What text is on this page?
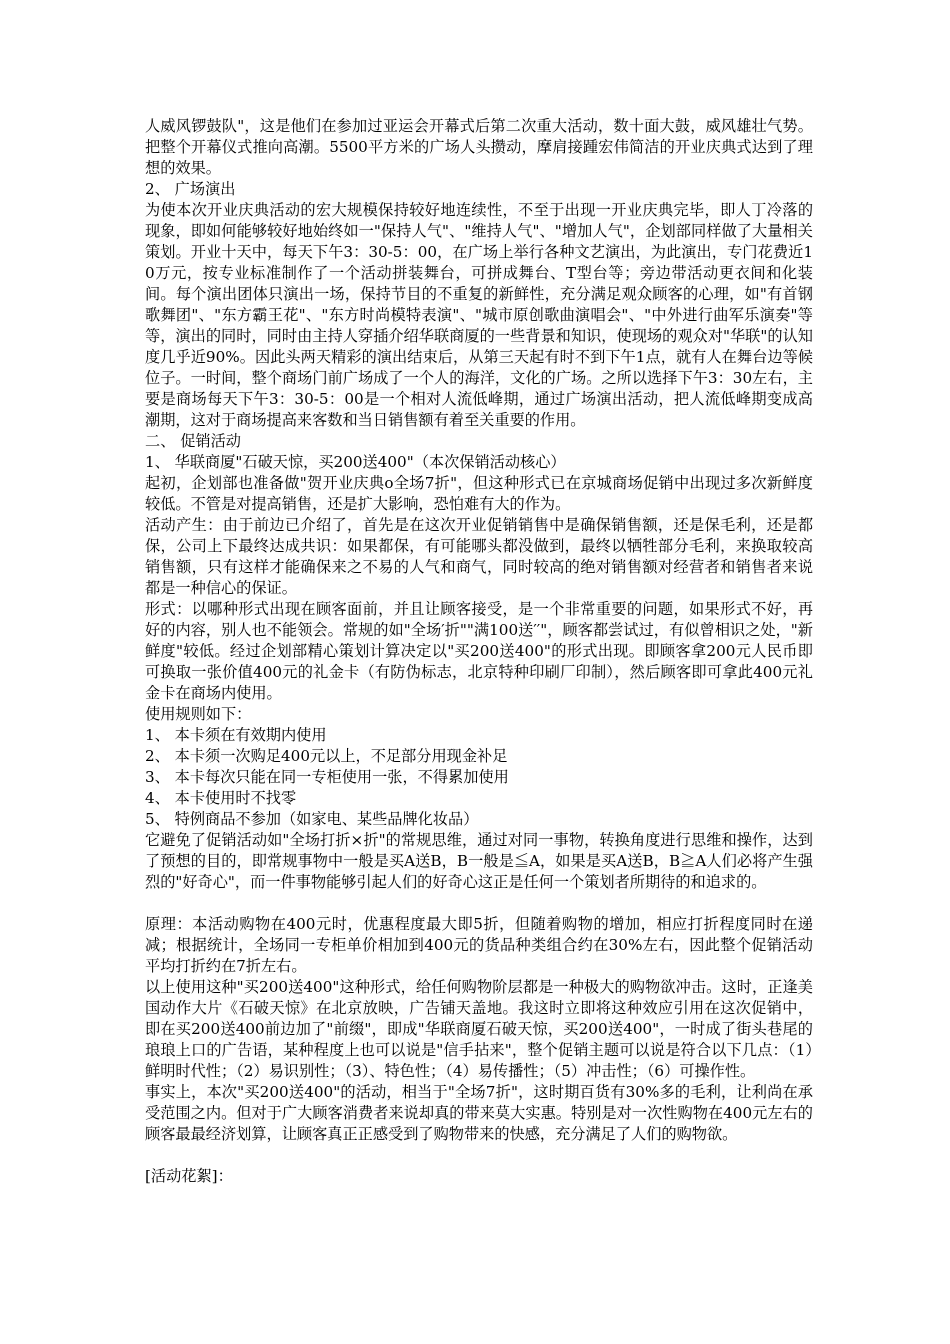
人威风锣鼓队"，这是他们在参加过亚运会开幕式后第二次重大活动，数十面大鼓，威风雄壮气势。把整个开幕仪式推向高潮。5500平方米的广场人头攒动，摩肩接踵宏伟简洁的开业庆典式达到了理想的效果。

2、 广场演出

为使本次开业庆典活动的宏大规模保持较好地连续性，不至于出现一开业庆典完毕，即人丁冷落的现象，即如何能够较好地始终如一"保持人气"、"维持人气"、"增加人气"，企划部同样做了大量相关策划。开业十天中，每天下午3：30-5：00，在广场上举行各种文艺演出，为此演出，专门花费近10万元，按专业标准制作了一个活动拼装舞台，可拼成舞台、T型台等；旁边带活动更衣间和化装间。每个演出团体只演出一场，保持节目的不重复的新鲜性，充分满足观众顾客的心理，如"有首钢歌舞团"、"东方霸王花"、"东方时尚模特表演"、"城市原创歌曲演唱会"、"中外进行曲军乐演奏"等等，演出的同时，同时由主持人穿插介绍华联商厦的一些背景和知识，使现场的观众对"华联"的认知度几乎近90%。因此头两天精彩的演出结束后，从第三天起有时不到下午1点，就有人在舞台边等候位子。一时间，整个商场门前广场成了一个人的海洋，文化的广场。之所以选择下午3：30左右，主要是商场每天下午3：30-5：00是一个相对人流低峰期，通过广场演出活动，把人流低峰期变成高潮期，这对于商场提高来客数和当日销售额有着至关重要的作用。

二、 促销活动

1、 华联商厦"石破天惊，买200送400"（本次保销活动核心）

起初，企划部也准备做"贺开业庆典o全场7折"，但这种形式已在京城商场促销中出现过多次新鲜度较低。不管是对提高销售，还是扩大影响，恐怕难有大的作为。

活动产生：由于前边已介绍了，首先是在这次开业促销销售中是确保销售额，还是保毛利，还是都保，公司上下最终达成共识：如果都保，有可能哪头都没做到，最终以牺牲部分毛利，来换取较高销售额，只有这样才能确保来之不易的人气和商气，同时较高的绝对销售额对经营者和销售者来说都是一种信心的保证。

形式：以哪种形式出现在顾客面前，并且让顾客接受，是一个非常重要的问题，如果形式不好，再好的内容，别人也不能领会。常规的如"全场′折""满100送′′"，顾客都尝试过，有似曾相识之处，"新鲜度"较低。经过企划部精心策划计算决定以"买200送400"的形式出现。即顾客拿200元人民币即可换取一张价值400元的礼金卡（有防伪标志，北京特种印刷厂印制），然后顾客即可拿此400元礼金卡在商场内使用。

使用规则如下：

1、 本卡须在有效期内使用

2、 本卡须一次购足400元以上，不足部分用现金补足

3、 本卡每次只能在同一专柜使用一张，不得累加使用

4、 本卡使用时不找零

5、 特例商品不参加（如家电、某些品牌化妆品）

它避免了促销活动如"全场打折×折"的常规思维，通过对同一事物，转换角度进行思维和操作，达到了预想的目的，即常规事物中一般是买A送B，B一般是≦A，如果是买A送B，B≧A人们必将产生强烈的"好奇心"，而一件事物能够引起人们的好奇心这正是任何一个策划者所期待的和追求的。

原理：本活动购物在400元时，优惠程度最大即5折，但随着购物的增加，相应打折程度同时在递减；根据统计，全场同一专柜单价相加到400元的货品种类组合约在30%左右，因此整个促销活动平均打折约在7折左右。

以上使用这种"买200送400"这种形式，给任何购物阶层都是一种极大的购物欲冲击。这时，正逢美国动作大片《石破天惊》在北京放映，广告铺天盖地。我这时立即将这种效应引用在这次促销中，即在买200送400前边加了"前缀"，即成"华联商厦石破天惊，买200送400"，一时成了街头巷尾的琅琅上口的广告语，某种程度上也可以说是"信手拈来"，整个促销主题可以说是符合以下几点：（1）鲜明时代性；（2）易识别性；（3）、特色性；（4）易传播性；（5）冲击性；（6）可操作性。

事实上，本次"买200送400"的活动，相当于"全场7折"，这时期百货有30%多的毛利，让利尚在承受范围之内。但对于广大顾客消费者来说却真的带来莫大实惠。特别是对一次性购物在400元左右的顾客最最经济划算，让顾客真正正感受到了购物带来的快感，充分满足了人们的购物欲。

[活动花絮]：
